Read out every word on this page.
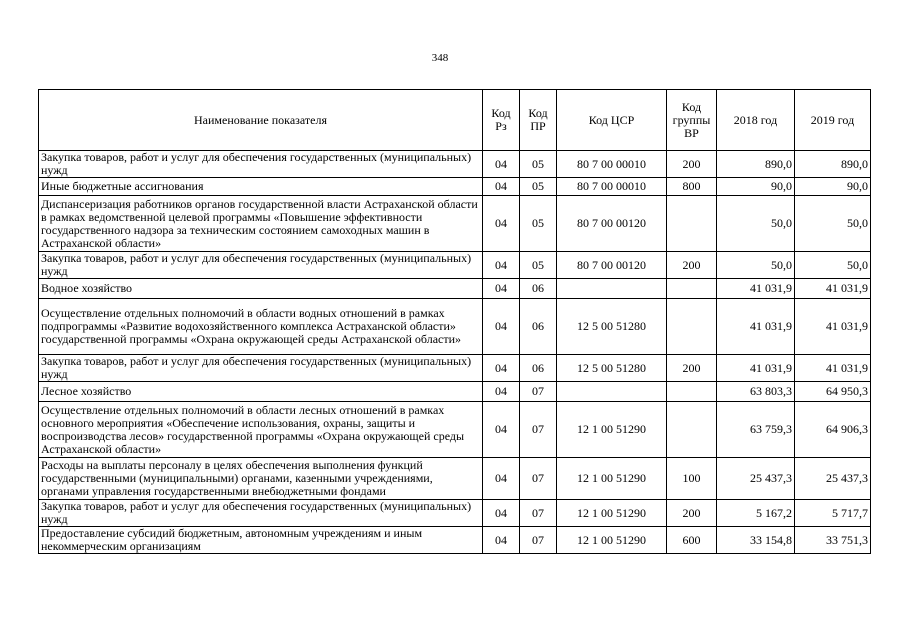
348
Наименование показателя	Код Рз	Код ПР	Код ЦСР	Код группы ВР	2018 год	2019 год
Закупка товаров, работ и услуг для обеспечения государственных (муниципальных) нужд	04	05	80 7 00 00010	200	890,0	890,0
Иные бюджетные ассигнования	04	05	80 7 00 00010	800	90,0	90,0
Диспансеризация работников органов государственной власти Астраханской области в рамках ведомственной целевой программы «Повышение эффективности государственного надзора за техническим состоянием самоходных машин в Астраханской области»	04	05	80 7 00 00120		50,0	50,0
Закупка товаров, работ и услуг для обеспечения государственных (муниципальных) нужд	04	05	80 7 00 00120	200	50,0	50,0
Водное хозяйство	04	06			41 031,9	41 031,9
Осуществление отдельных полномочий в области водных отношений в рамках подпрограммы «Развитие водохозяйственного комплекса Астраханской области» государственной программы «Охрана окружающей среды Астраханской области»	04	06	12 5 00 51280		41 031,9	41 031,9
Закупка товаров, работ и услуг для обеспечения государственных (муниципальных) нужд	04	06	12 5 00 51280	200	41 031,9	41 031,9
Лесное хозяйство	04	07			63 803,3	64 950,3
Осуществление отдельных полномочий в области лесных отношений в рамках основного мероприятия «Обеспечение использования, охраны, защиты и воспроизводства лесов» государственной программы «Охрана окружающей среды Астраханской области»	04	07	12 1 00 51290		63 759,3	64 906,3
Расходы на выплаты персоналу в целях обеспечения выполнения функций государственными (муниципальными) органами, казенными учреждениями, органами управления государственными внебюджетными фондами	04	07	12 1 00 51290	100	25 437,3	25 437,3
Закупка товаров, работ и услуг для обеспечения государственных (муниципальных) нужд	04	07	12 1 00 51290	200	5 167,2	5 717,7
Предоставление субсидий бюджетным, автономным учреждениям и иным некоммерческим организациям	04	07	12 1 00 51290	600	33 154,8	33 751,3
